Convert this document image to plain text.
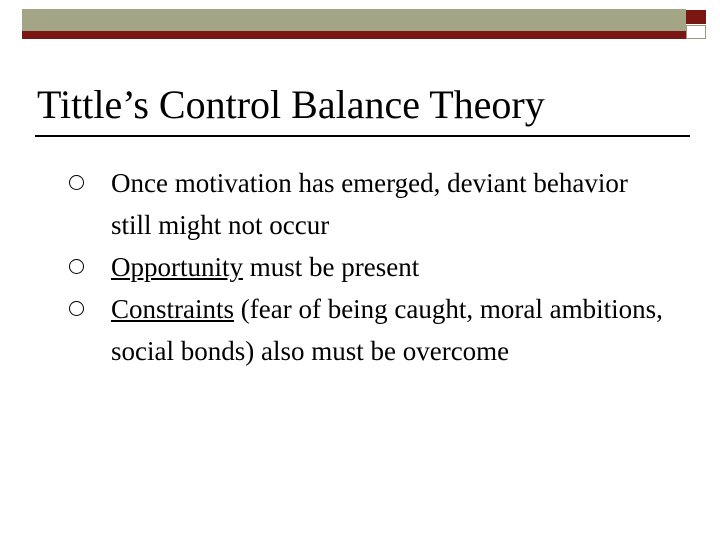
Tittle’s Control Balance Theory
Once motivation has emerged, deviant behavior still might not occur
Opportunity must be present
Constraints (fear of being caught, moral ambitions, social bonds) also must be overcome
